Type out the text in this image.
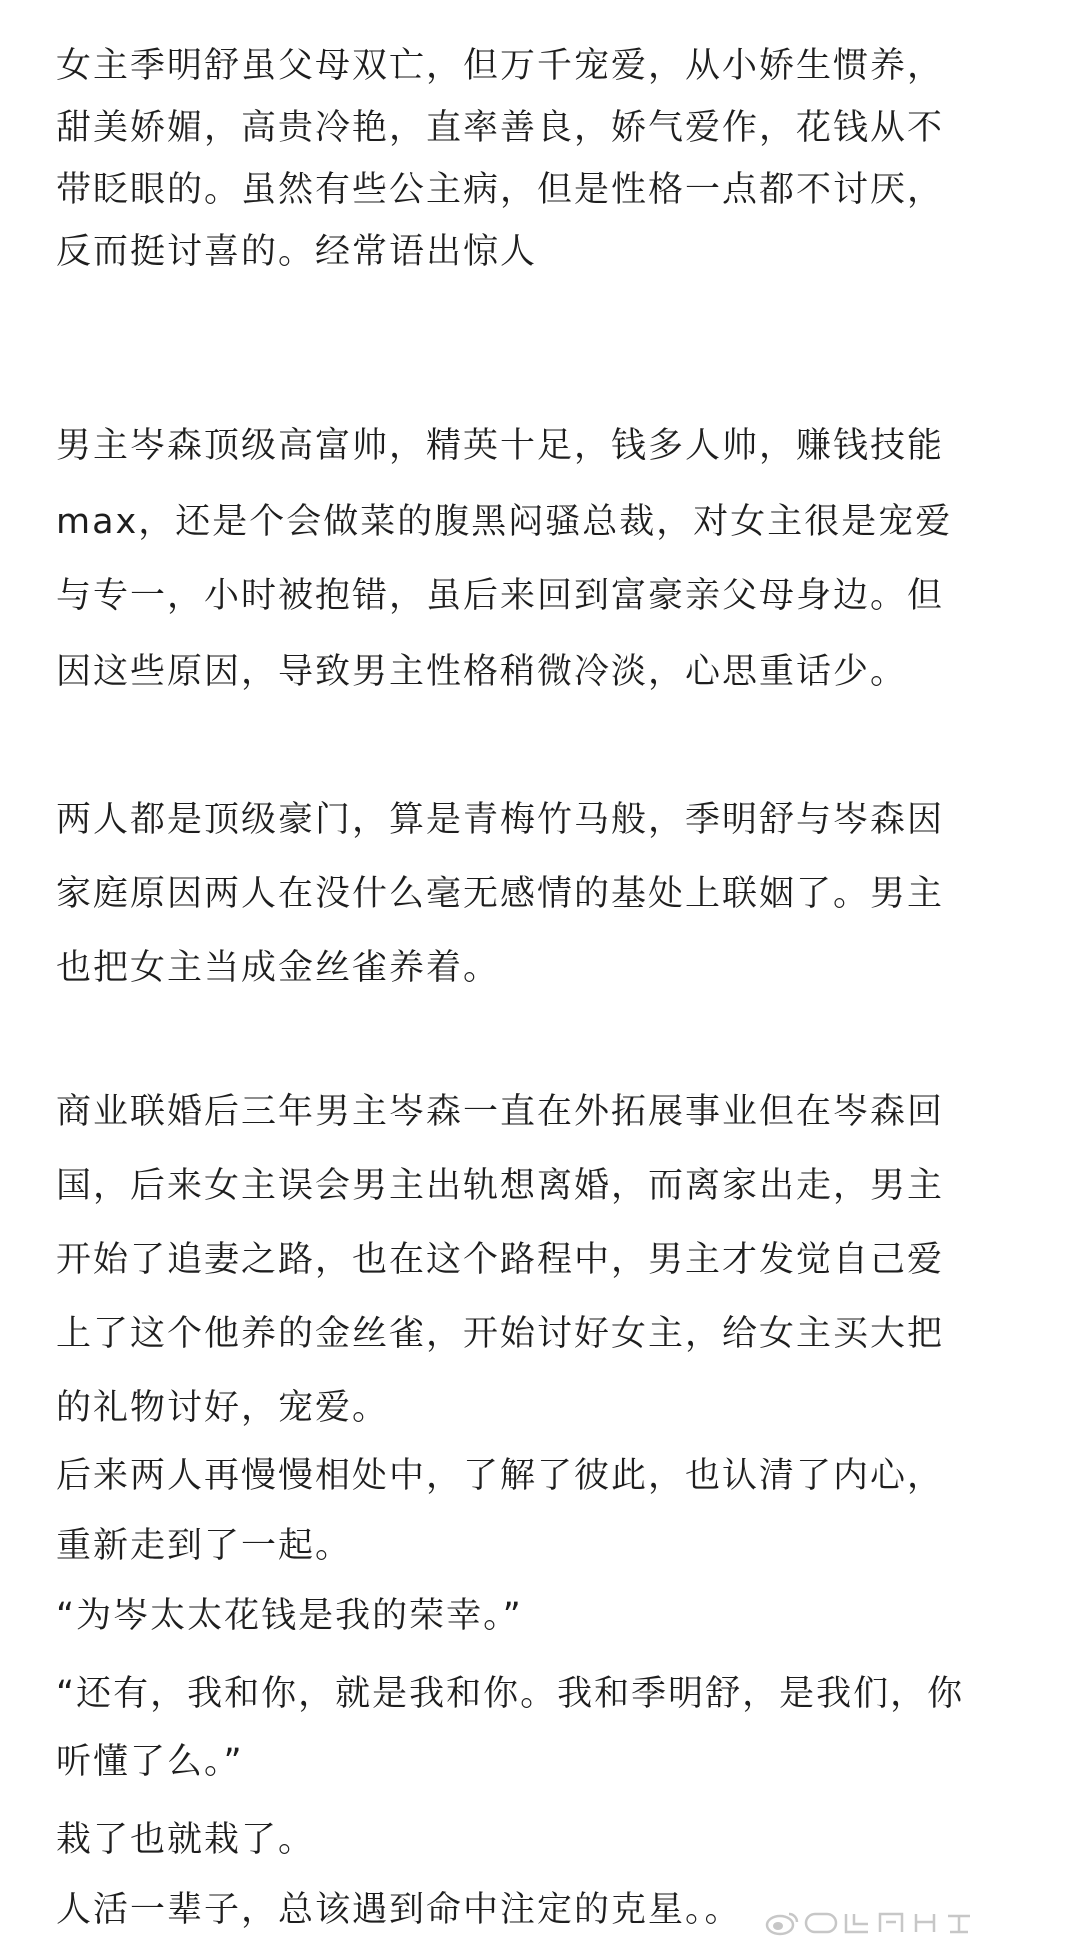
女主季明舒虽父母双亡，但万千宠爱，从小娇生惯养，
甜美娇媚，高贵冷艳，直率善良，娇气爱作，花钱从不
带眨眼的。虽然有些公主病，但是性格一点都不讨厌，
反而挺讨喜的。经常语出惊人
男主岑森顶级高富帅，精英十足，钱多人帅，赚钱技能
max，还是个会做菜的腹黑闷骚总裁，对女主很是宠爱
与专一，小时被抱错，虽后来回到富豪亲父母身边。但
因这些原因，导致男主性格稍微冷淡，心思重话少。
两人都是顶级豪门，算是青梅竹马般，季明舒与岑森因
家庭原因两人在没什么毫无感情的基处上联姻了。男主
也把女主当成金丝雀养着。
商业联婚后三年男主岑森一直在外拓展事业但在岑森回
国，后来女主误会男主出轨想离婚，而离家出走，男主
开始了追妻之路，也在这个路程中，男主才发觉自己爱
上了这个他养的金丝雀，开始讨好女主，给女主买大把
的礼物讨好，宠爱。
后来两人再慢慢相处中，了解了彼此，也认清了内心，
重新走到了一起。
“为岑太太花钱是我的荣幸。”
“还有，我和你，就是我和你。我和季明舒，是我们，你
听懂了么。”
栽了也就栽了。
人活一辈子，总该遇到命中注定的克星。。
